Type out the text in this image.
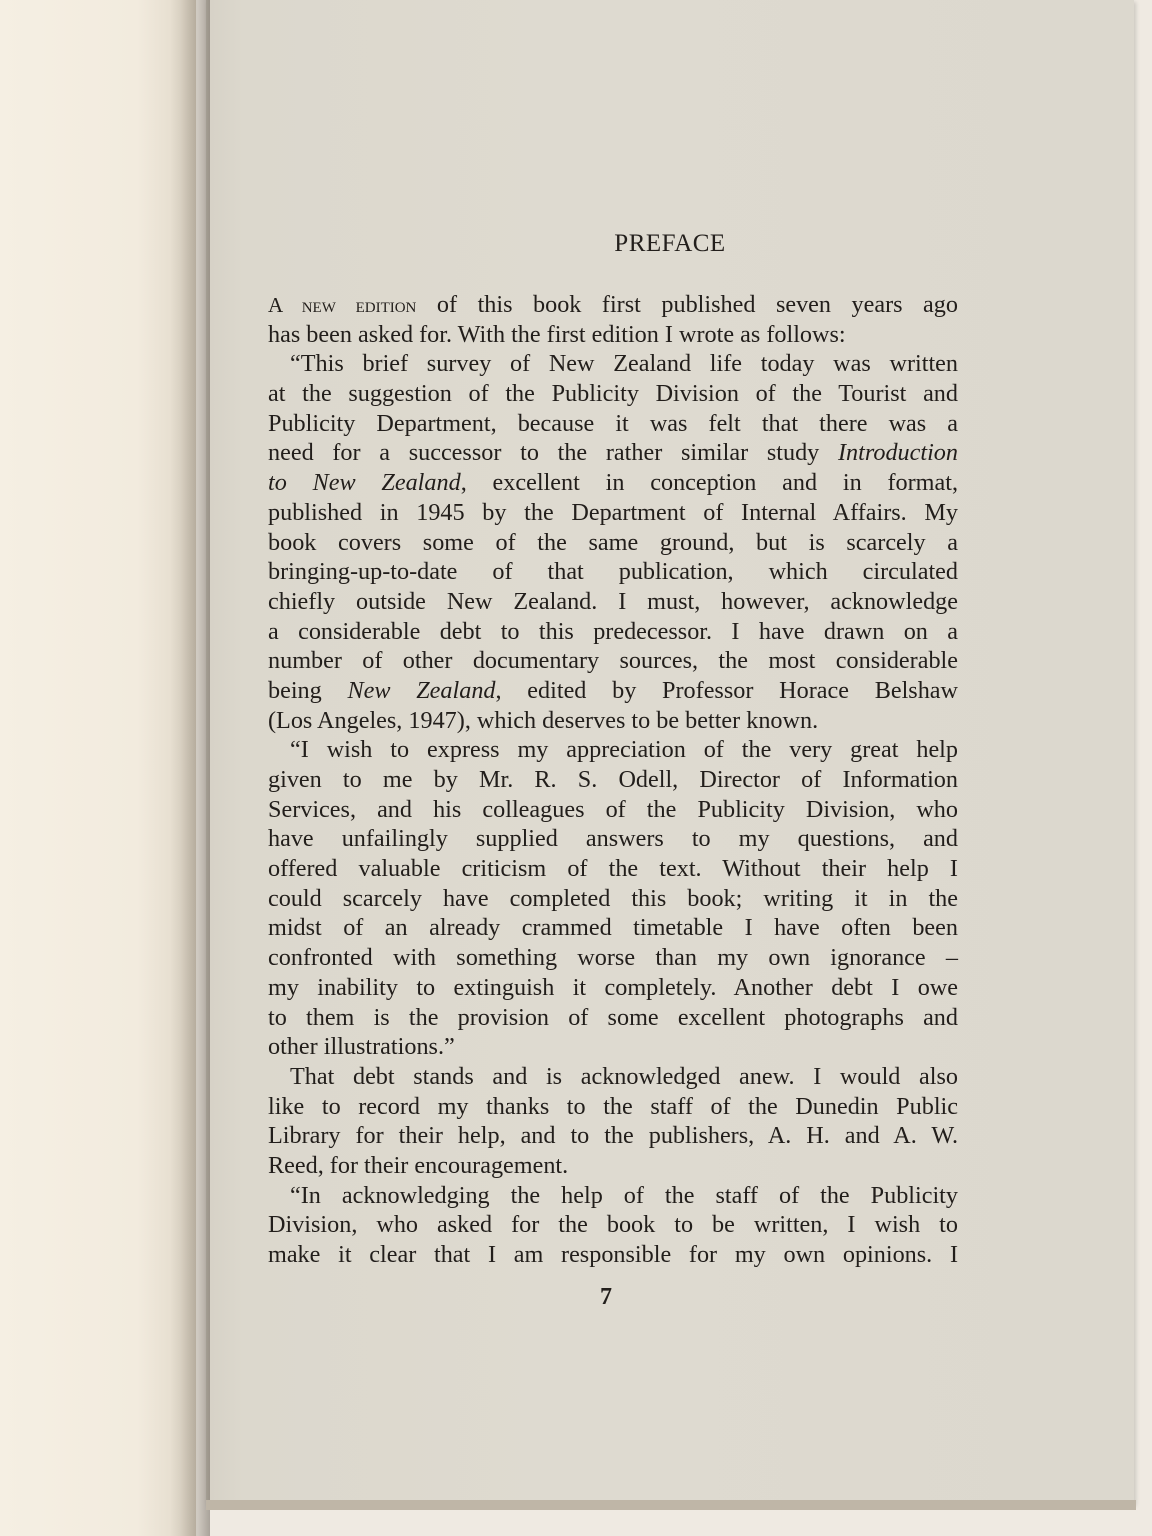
PREFACE
A new edition of this book first published seven years ago
has been asked for. With the first edition I wrote as follows:
“This brief survey of New Zealand life today was written
at the suggestion of the Publicity Division of the Tourist and
Publicity Department, because it was felt that there was a
need for a successor to the rather similar study Introduction
to New Zealand, excellent in conception and in format,
published in 1945 by the Department of Internal Affairs. My
book covers some of the same ground, but is scarcely a
bringing-up-to-date of that publication, which circulated
chiefly outside New Zealand. I must, however, acknowledge
a considerable debt to this predecessor. I have drawn on a
number of other documentary sources, the most considerable
being New Zealand, edited by Professor Horace Belshaw
(Los Angeles, 1947), which deserves to be better known.
“I wish to express my appreciation of the very great help
given to me by Mr. R. S. Odell, Director of Information
Services, and his colleagues of the Publicity Division, who
have unfailingly supplied answers to my questions, and
offered valuable criticism of the text. Without their help I
could scarcely have completed this book; writing it in the
midst of an already crammed timetable I have often been
confronted with something worse than my own ignorance –
my inability to extinguish it completely. Another debt I owe
to them is the provision of some excellent photographs and
other illustrations.”
That debt stands and is acknowledged anew. I would also
like to record my thanks to the staff of the Dunedin Public
Library for their help, and to the publishers, A. H. and A. W.
Reed, for their encouragement.
“In acknowledging the help of the staff of the Publicity
Division, who asked for the book to be written, I wish to
make it clear that I am responsible for my own opinions. I
7
